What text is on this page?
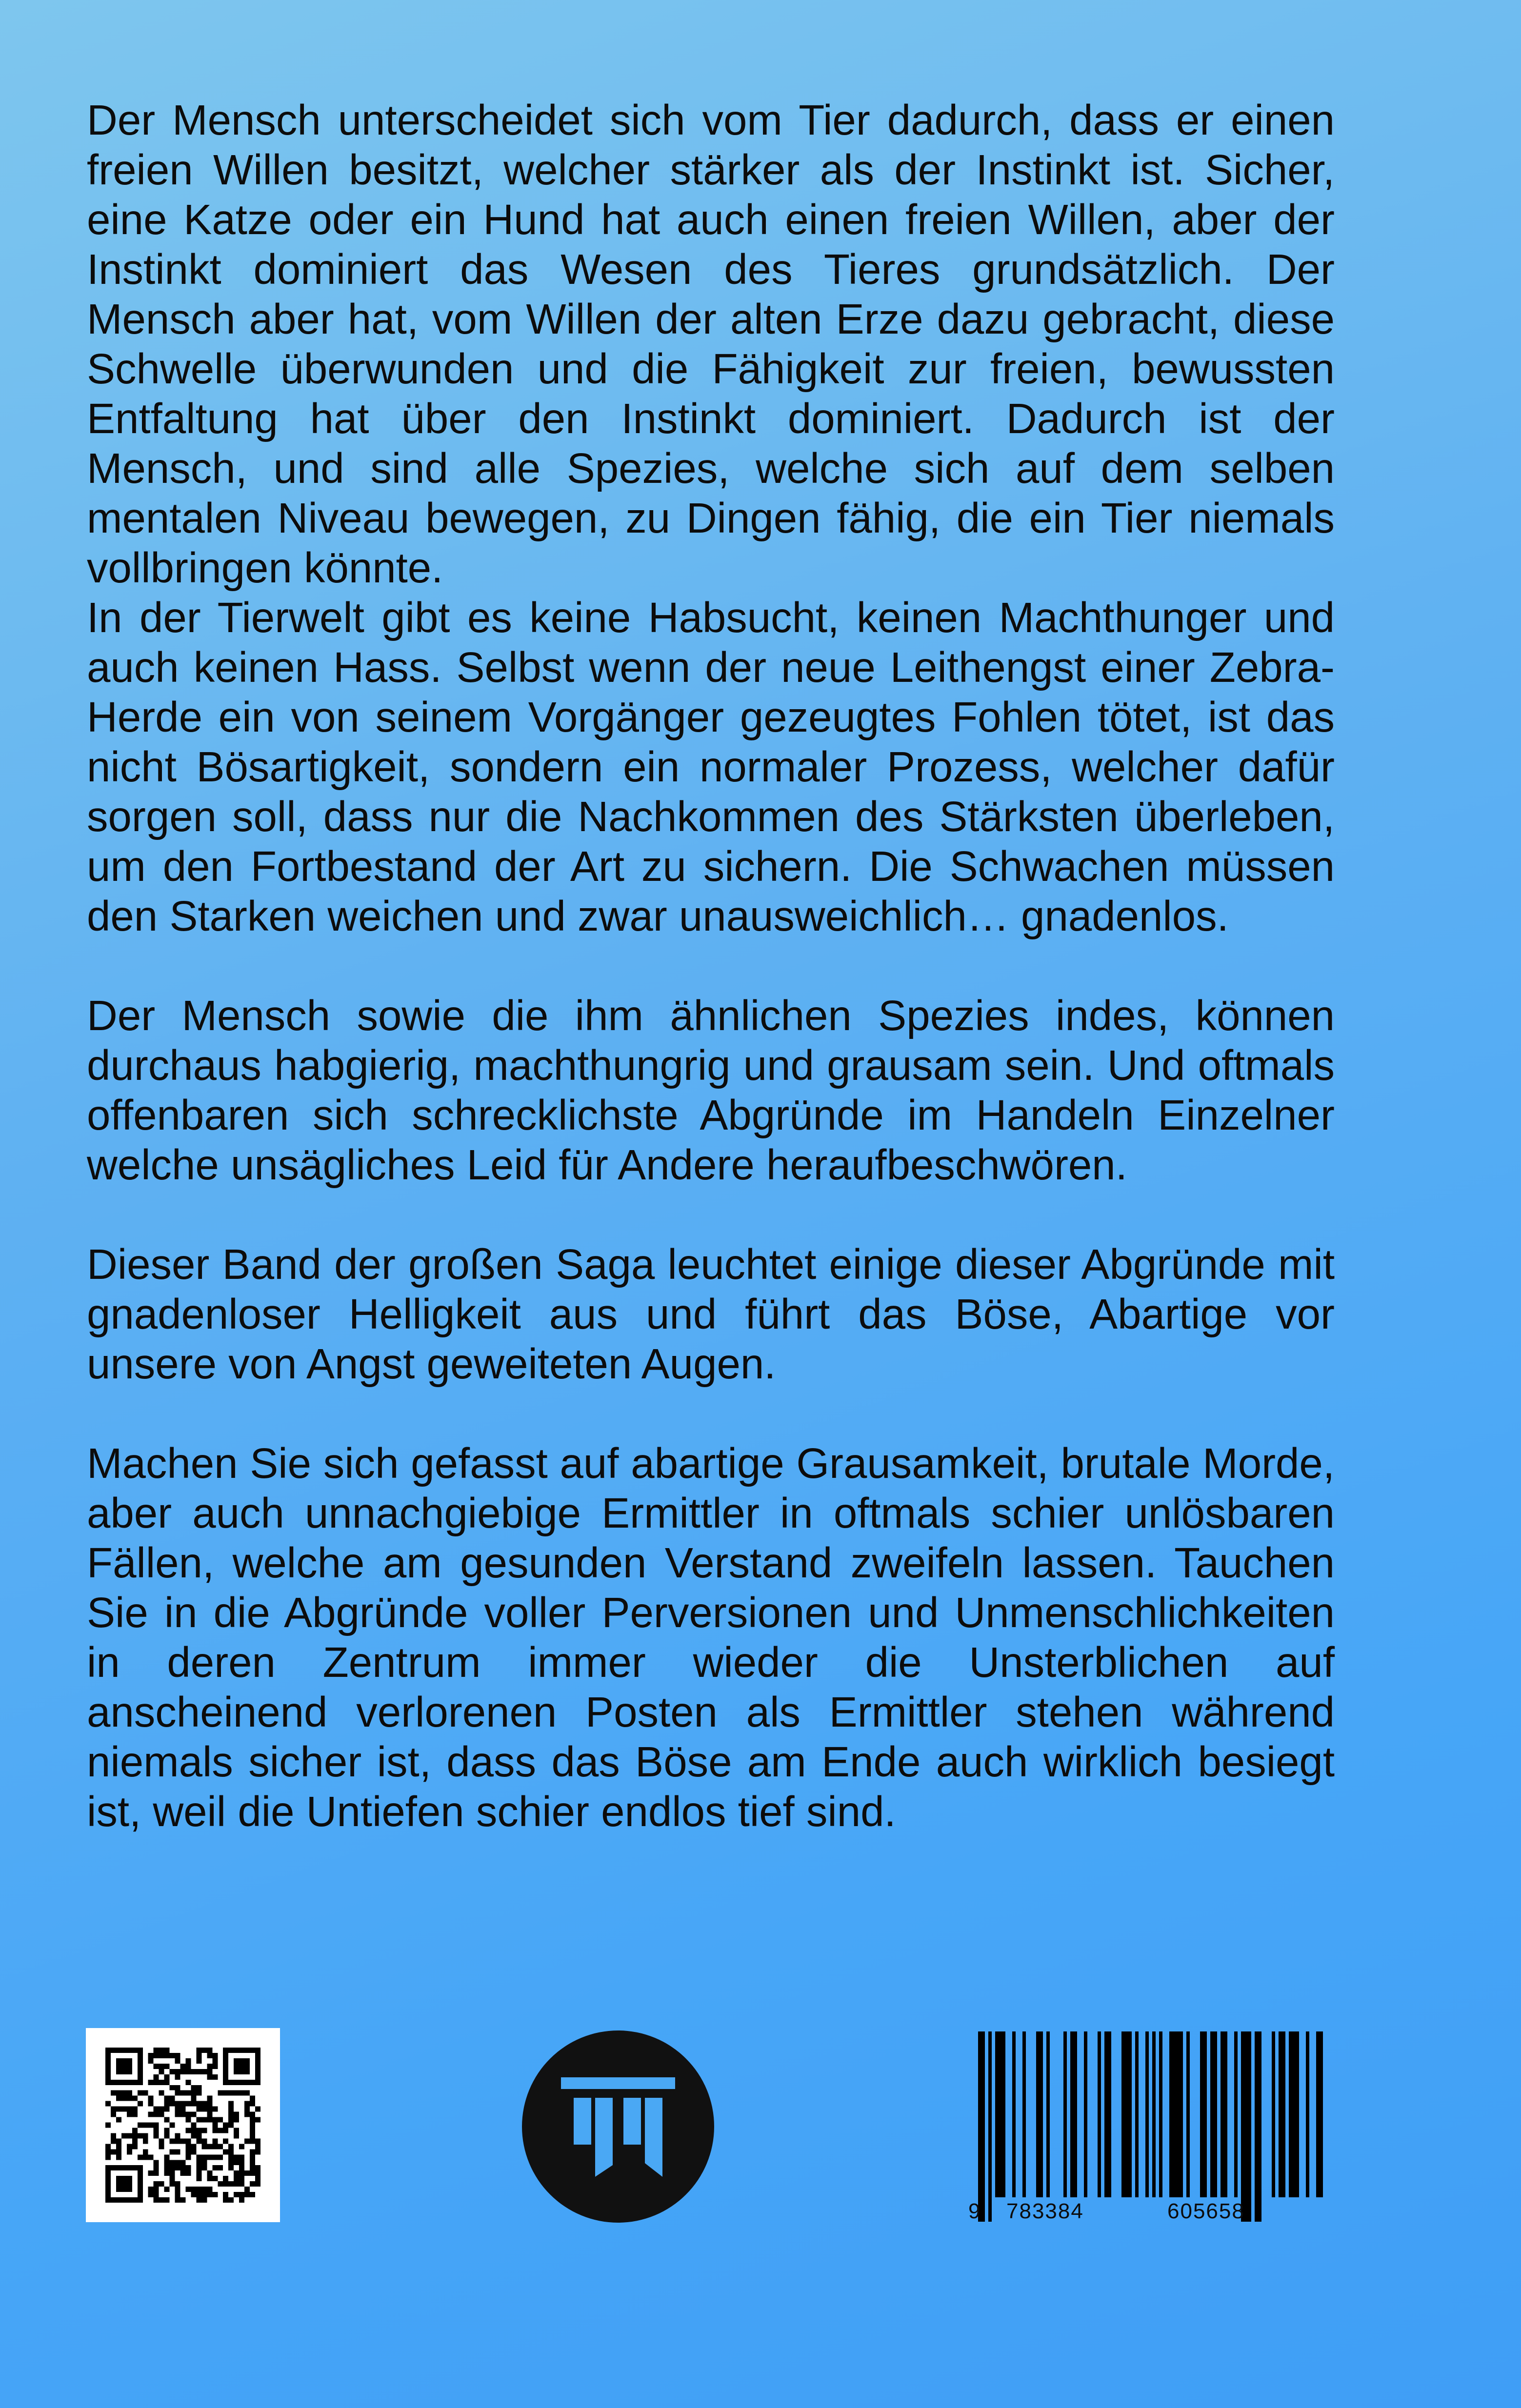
Der Mensch unterscheidet sich vom Tier dadurch, dass er einen freien Willen besitzt, welcher stärker als der Instinkt ist. Sicher, eine Katze oder ein Hund hat auch einen freien Willen, aber der Instinkt dominiert das Wesen des Tieres grundsätzlich. Der Mensch aber hat, vom Willen der alten Erze dazu gebracht, diese Schwelle überwunden und die Fähigkeit zur freien, bewussten Entfaltung hat über den Instinkt dominiert. Dadurch ist der Mensch, und sind alle Spezies, welche sich auf dem selben mentalen Niveau bewegen, zu Dingen fähig, die ein Tier niemals vollbringen könnte.

In der Tierwelt gibt es keine Habsucht, keinen Machthunger und auch keinen Hass. Selbst wenn der neue Leithengst einer Zebra-Herde ein von seinem Vorgänger gezeugtes Fohlen tötet, ist das nicht Bösartigkeit, sondern ein normaler Prozess, welcher dafür sorgen soll, dass nur die Nachkommen des Stärksten überleben, um den Fortbestand der Art zu sichern. Die Schwachen müssen den Starken weichen und zwar unausweichlich… gnadenlos.

Der Mensch sowie die ihm ähnlichen Spezies indes, können durchaus habgierig, machthungrig und grausam sein. Und oftmals offenbaren sich schrecklichste Abgründe im Handeln Einzelner welche unsägliches Leid für Andere heraufbeschwören.

Dieser Band der großen Saga leuchtet einige dieser Abgründe mit gnadenloser Helligkeit aus und führt das Böse, Abartige vor unsere von Angst geweiteten Augen.

Machen Sie sich gefasst auf abartige Grausamkeit, brutale Morde, aber auch unnachgiebige Ermittler in oftmals schier unlösbaren Fällen, welche am gesunden Verstand zweifeln lassen. Tauchen Sie in die Abgründe voller Perversionen und Unmenschlichkeiten in deren Zentrum immer wieder die Unsterblichen auf anscheinend verlorenen Posten als Ermittler stehen während niemals sicher ist, dass das Böse am Ende auch wirklich besiegt ist, weil die Untiefen schier endlos tief sind.

9 783384	605658
